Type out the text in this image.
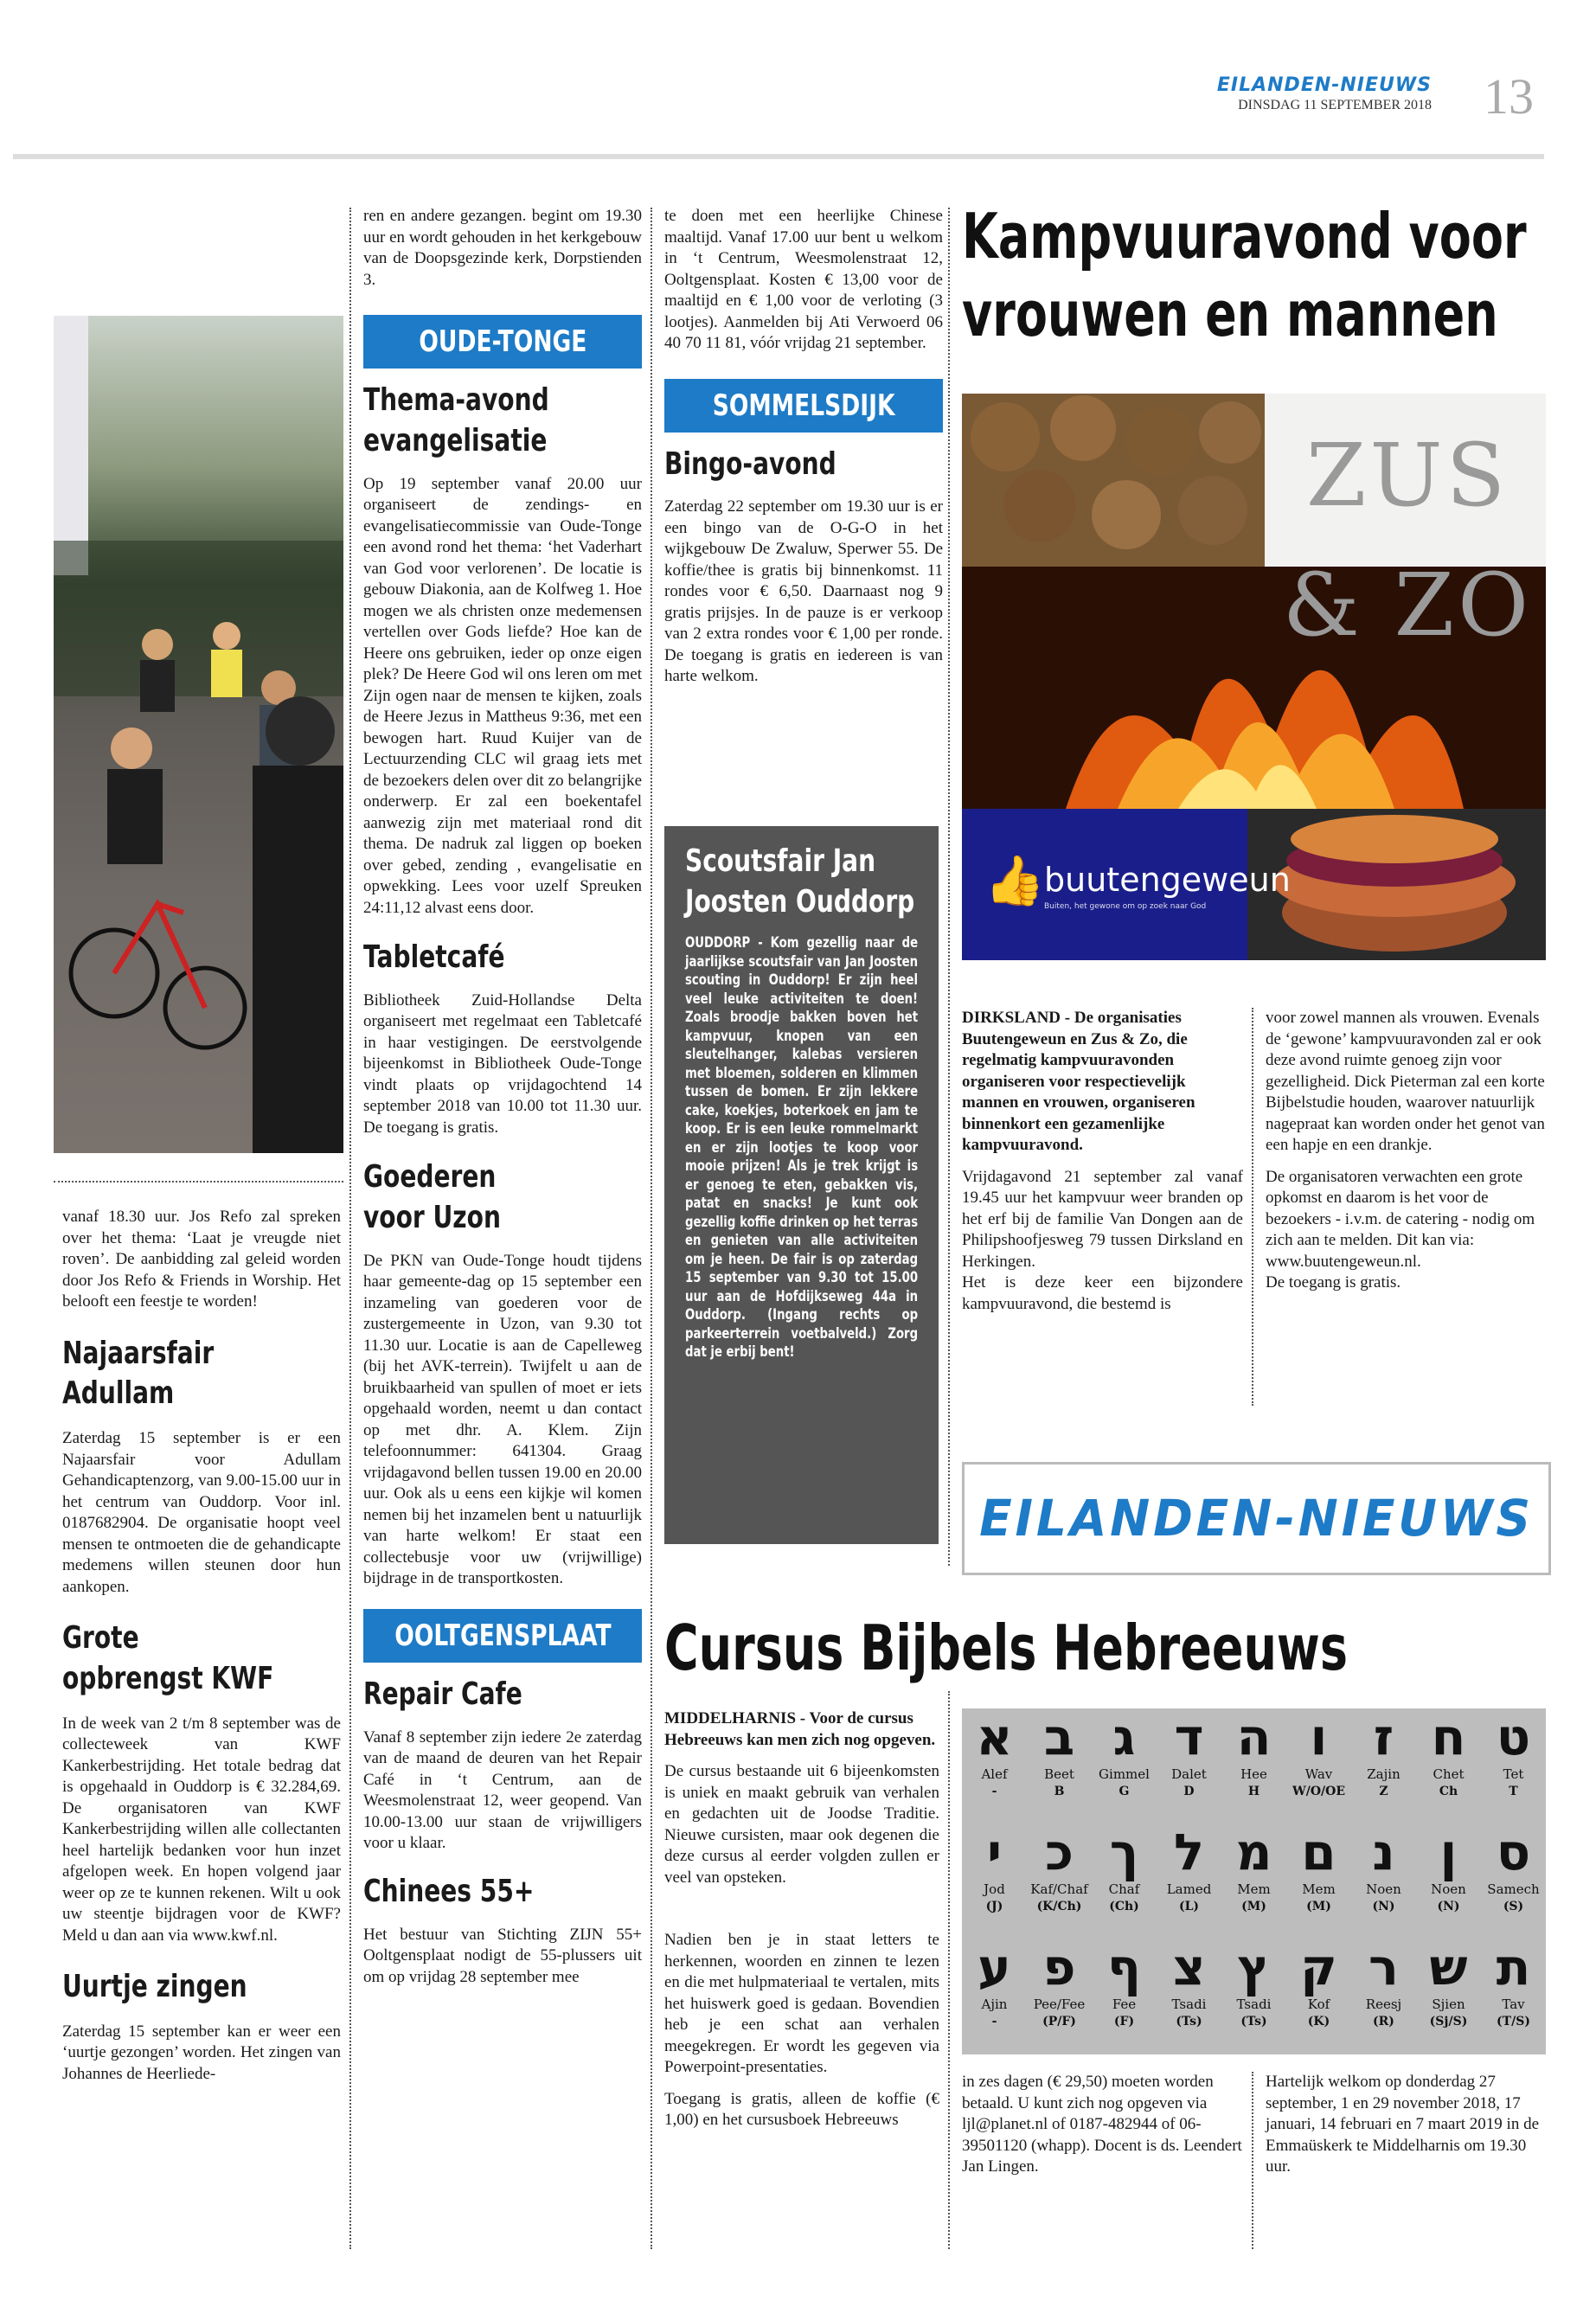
EILANDEN-NIEUWS
DINSDAG 11 SEPTEMBER 2018 13

vanaf 18.30 uur. Jos Refo zal spreken over het thema: ‘Laat je vreugde niet roven’. De aanbidding zal geleid worden door Jos Refo & Friends in Worship. Het belooft een feestje te worden!

Najaarsfair
Adullam

Zaterdag 15 september is er een Najaarsfair voor Adullam Gehandicaptenzorg, van 9.00-15.00 uur in het centrum van Ouddorp. Voor inl. 0187682904. De organisatie hoopt veel mensen te ontmoeten die de gehandicapte medemens willen steunen door hun aankopen.

Grote
opbrengst KWF

In de week van 2 t/m 8 september was de collecteweek van KWF Kankerbestrijding. Het totale bedrag dat is opgehaald in Ouddorp is € 32.284,69. De organisatoren van KWF Kankerbestrijding willen alle collectanten heel hartelijk bedanken voor hun inzet afgelopen week. En hopen volgend jaar weer op ze te kunnen rekenen. Wilt u ook uw steentje bijdragen voor de KWF? Meld u dan aan via www.kwf.nl.

Uurtje zingen

Zaterdag 15 september kan er weer een ‘uurtje gezongen’ worden. Het zingen van Johannes de Heerliede-

ren en andere gezangen. begint om 19.30 uur en wordt gehouden in het kerkgebouw van de Doopsgezinde kerk, Dorpstienden 3.

OUDE-TONGE
Thema-avond
evangelisatie

Op 19 september vanaf 20.00 uur organiseert de zendings- en evangelisatiecommissie van Oude-Tonge een avond rond het thema: ‘het Vaderhart van God voor verlorenen’. De locatie is gebouw Diakonia, aan de Kolfweg 1. Hoe mogen we als christen onze medemensen vertellen over Gods liefde? Hoe kan de Heere ons gebruiken, ieder op onze eigen plek? De Heere God wil ons leren om met Zijn ogen naar de mensen te kijken, zoals de Heere Jezus in Mattheus 9:36, met een bewogen hart. Ruud Kuijer van de Lectuurzending CLC wil graag iets met de bezoekers delen over dit zo belangrijke onderwerp. Er zal een boekentafel aanwezig zijn met materiaal rond dit thema. De nadruk zal liggen op boeken over gebed, zending , evangelisatie en opwekking. Lees voor uzelf Spreuken 24:11,12 alvast eens door.

Tabletcafé

Bibliotheek Zuid-Hollandse Delta organiseert met regelmaat een Tabletcafé in haar vestigingen. De eerstvolgende bijeenkomst in Bibliotheek Oude-Tonge vindt plaats op vrijdagochtend 14 september 2018 van 10.00 tot 11.30 uur. De toegang is gratis.

Goederen
voor Uzon

De PKN van Oude-Tonge houdt tijdens haar gemeente-dag op 15 september een inzameling van goederen voor de zustergemeente in Uzon, van 9.30 tot 11.30 uur. Locatie is aan de Capelleweg (bij het AVK-terrein). Twijfelt u aan de bruikbaarheid van spullen of moet er iets opgehaald worden, neemt u dan contact op met dhr. A. Klem. Zijn telefoonnummer: 641304. Graag vrijdagavond bellen tussen 19.00 en 20.00 uur. Ook als u eens een kijkje wil komen nemen bij het inzamelen bent u natuurlijk van harte welkom! Er staat een collectebusje voor uw (vrijwillige) bijdrage in de transportkosten.

OOLTGENSPLAAT
Repair Cafe

Vanaf 8 september zijn iedere 2e zaterdag van de maand de deuren van het Repair Café in ‘t Centrum, aan de Weesmolenstraat 12, weer geopend. Van 10.00-13.00 uur staan de vrijwilligers voor u klaar.

Chinees 55+

Het bestuur van Stichting ZIJN 55+ Ooltgensplaat nodigt de 55-plussers uit om op vrijdag 28 september mee

te doen met een heerlijke Chinese maaltijd. Vanaf 17.00 uur bent u welkom in ‘t Centrum, Weesmolenstraat 12, Ooltgensplaat. Kosten € 13,00 voor de maaltijd en € 1,00 voor de verloting (3 lootjes). Aanmelden bij Ati Verwoerd 06 40 70 11 81, vóór vrijdag 21 september.

SOMMELSDIJK
Bingo-avond

Zaterdag 22 september om 19.30 uur is er een bingo van de O-G-O in het wijkgebouw De Zwaluw, Sperwer 55. De koffie/thee is gratis bij binnenkomst. 11 rondes voor € 6,50. Daarnaast nog 9 gratis prijsjes. In de pauze is er verkoop van 2 extra rondes voor € 1,00 per ronde. De toegang is gratis en iedereen is van harte welkom.

Scoutsfair Jan
Joosten Ouddorp

OUDDORP - Kom gezellig naar de jaarlijkse scoutsfair van Jan Joosten scouting in Ouddorp! Er zijn heel veel leuke activiteiten te doen! Zoals broodje bakken boven het kampvuur, knopen van een sleutelhanger, kalebas versieren met bloemen, solderen en klimmen tussen de bomen. Er zijn lekkere cake, koekjes, boterkoek en jam te koop. Er is een leuke rommelmarkt en er zijn lootjes te koop voor mooie prijzen! Als je trek krijgt is er genoeg te eten, gebakken vis, patat en snacks! Je kunt ook gezellig koffie drinken op het terras en genieten van alle activiteiten om je heen. De fair is op zaterdag 15 september van 9.30 tot 15.00 uur aan de Hofdijkseweg 44a in Ouddorp. (Ingang rechts op parkeerterrein voetbalveld.) Zorg dat je erbij bent!

Kampvuuravond voor
vrouwen en mannen
ZUS & ZO
👍 buutengeweun
Buiten, het gewone om op zoek naar God

DIRKSLAND - De organisaties Buutengeweun en Zus & Zo, die regelmatig kampvuuravonden organiseren voor respectievelijk mannen en vrouwen, organiseren binnenkort een gezamenlijke kampvuuravond.

Vrijdagavond 21 september zal vanaf 19.45 uur het kampvuur weer branden op het erf bij de familie Van Dongen aan de Philipshoofjesweg 79 tussen Dirksland en Herkingen.

Het is deze keer een bijzondere kampvuuravond, die bestemd is

voor zowel mannen als vrouwen. Evenals de ‘gewone’ kampvuuravonden zal er ook deze avond ruimte genoeg zijn voor gezelligheid. Dick Pieterman zal een korte Bijbelstudie houden, waarover natuurlijk nagepraat kan worden onder het genot van een hapje en een drankje.

De organisatoren verwachten een grote opkomst en daarom is het voor de bezoekers - i.v.m. de catering - nodig om zich aan te melden. Dit kan via:

www.buutengeweun.nl.
De toegang is gratis.
EILANDEN-NIEUWS
Cursus Bijbels Hebreeuws

MIDDELHARNIS - Voor de cursus Hebreeuws kan men zich nog opgeven.

De cursus bestaande uit 6 bijeenkomsten is uniek en maakt gebruik van verhalen en gedachten uit de Joodse Traditie. Nieuwe cursisten, maar ook degenen die deze cursus al eerder volgden zullen er veel van opsteken.

Nadien ben je in staat letters te herkennen, woorden en zinnen te lezen en die met hulpmateriaal te vertalen, mits het huiswerk goed is gedaan. Bovendien heb je een schat aan verhalen meegekregen. Er wordt les gegeven via Powerpoint-presentaties.

Toegang is gratis, alleen de koffie (€ 1,00) en het cursusboek Hebreeuws

ט
Tet
T
ח
Chet
Ch
ז
Zajin
Z
ו
Wav
W/O/OE
ה
Hee
H
ד
Dalet
D
ג
Gimmel
G
ב
Beet
B
א
Alef
-
ס
Samech
(S)
ן
Noen
(N)
נ
Noen
(N)
ם
Mem
(M)
מ
Mem
(M)
ל
Lamed
(L)
ך
Chaf
(Ch)
כ
Kaf/Chaf
(K/Ch)
י
Jod
(J)
ת
Tav
(T/S)
ש
Sjien
(Sj/S)
ר
Reesj
(R)
ק
Kof
(K)
ץ
Tsadi
(Ts)
צ
Tsadi
(Ts)
ף
Fee
(F)
פ
Pee/Fee
(P/F)
ע
Ajin
-

in zes dagen (€ 29,50) moeten worden betaald. U kunt zich nog opgeven via ljl@planet.nl of 0187-482944 of 06-39501120 (whapp). Docent is ds. Leendert Jan Lingen.

Hartelijk welkom op donderdag 27 september, 1 en 29 november 2018, 17 januari, 14 februari en 7 maart 2019 in de Emmaüskerk te Middelharnis om 19.30 uur.
